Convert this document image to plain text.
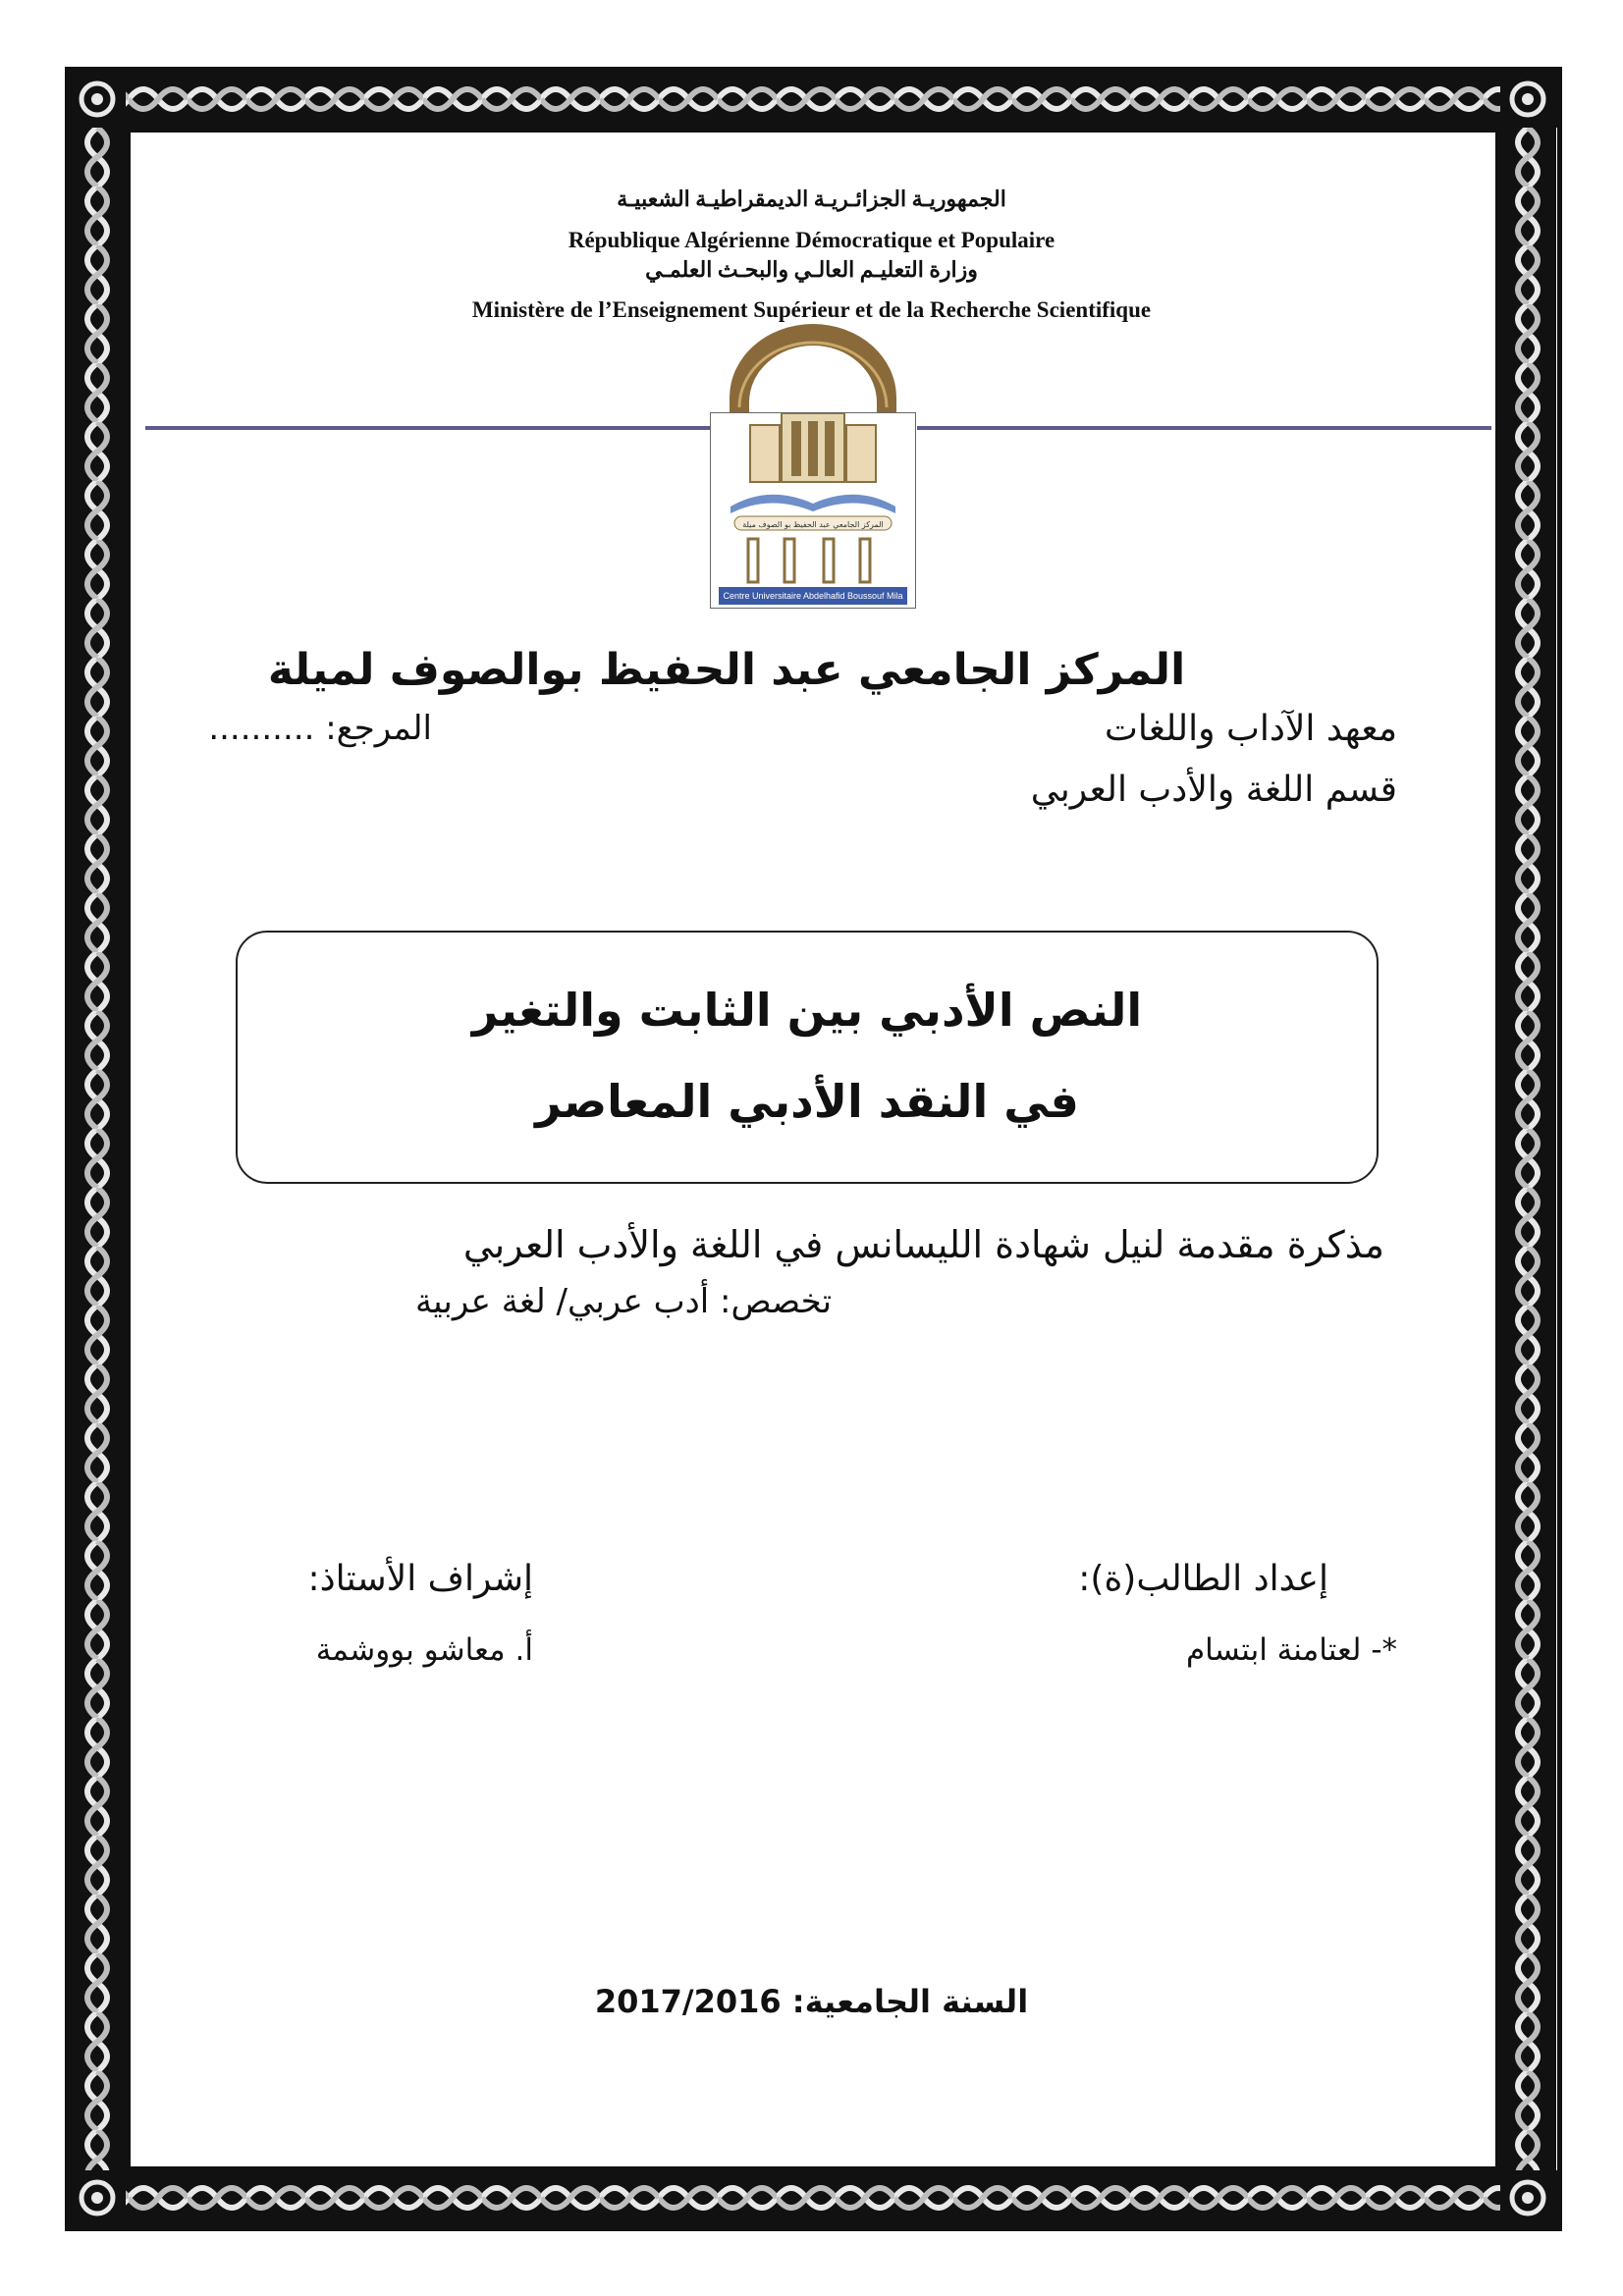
الجمهوريـة الجزائـريـة الديمقراطيـة الشعبيـة
République Algérienne Démocratique et Populaire
وزارة التعليـم العالـي والبحـث العلمـي
Ministère de l’Enseignement Supérieur et de la Recherche Scientifique
المركز الجامعي عبد الحفيظ بو الصوف ميلة
Centre Universitaire Abdelhafid Boussouf Mila
المركز الجامعي عبد الحفيظ بوالصوف لميلة
معهد الآداب واللغات
المرجع: ..........
قسم اللغة والأدب العربي
النص الأدبي بين الثابت والتغير
في النقد الأدبي المعاصر
مذكرة مقدمة لنيل شهادة الليسانس في اللغة والأدب العربي
تخصص: أدب عربي/ لغة عربية
إعداد الطالب(ة):
إشراف الأستاذ:
*- لعتامنة ابتسام
أ. معاشو بووشمة
السنة الجامعية: 2017/2016
